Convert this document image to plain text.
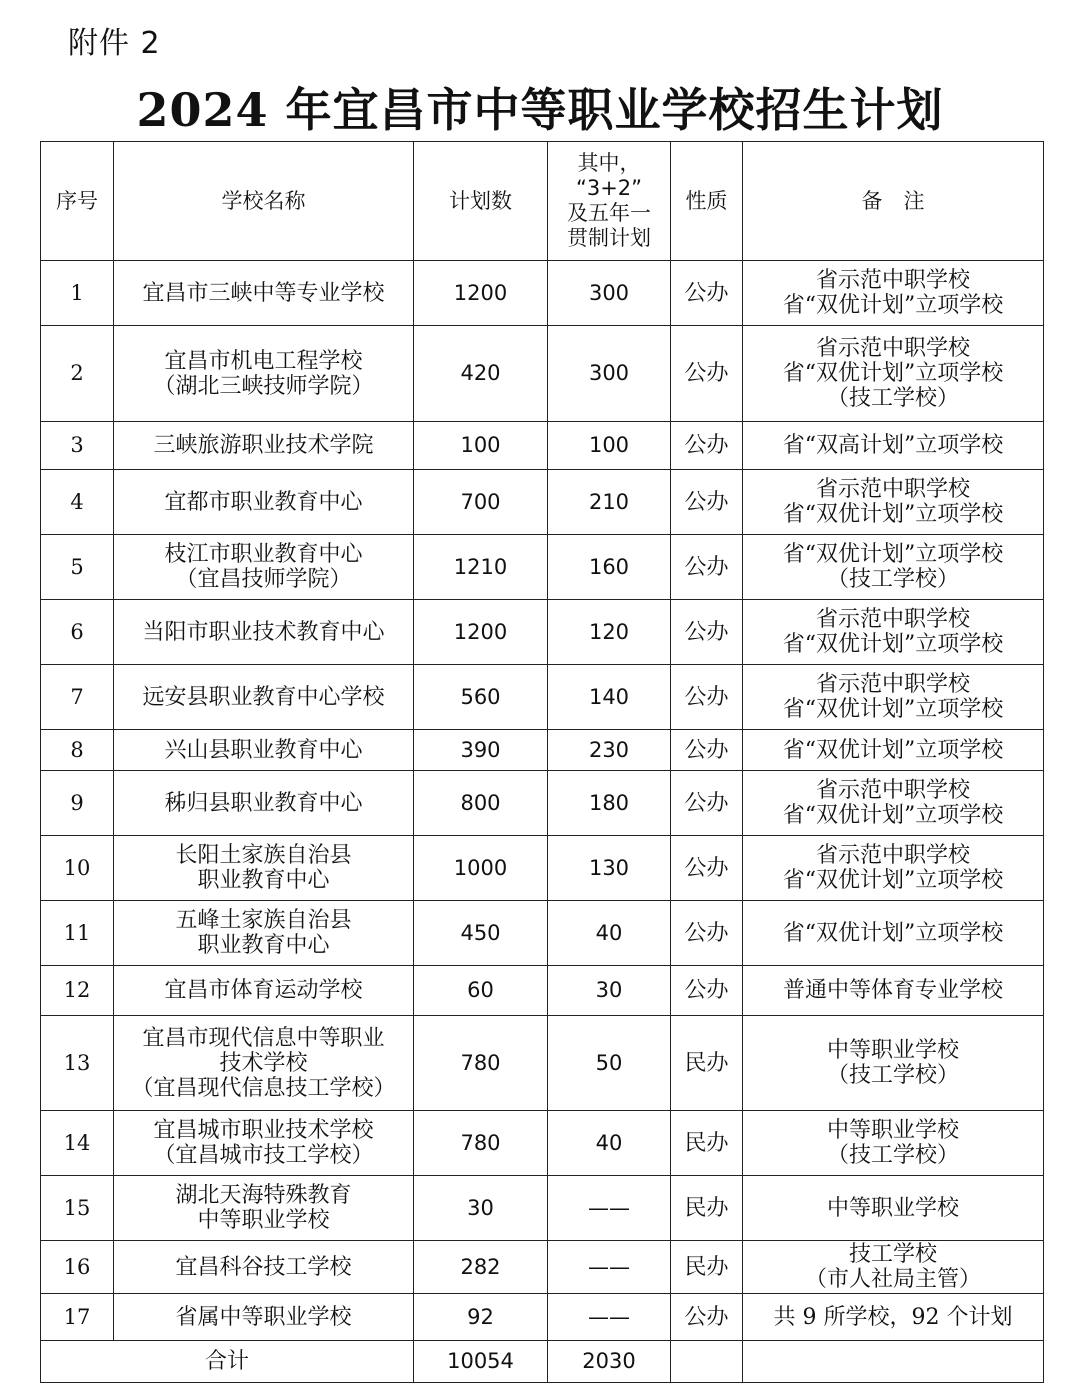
附件 2
2024 年宜昌市中等职业学校招生计划
序号	学校名称	计划数	其中，
“3+2”
及五年一
贯制计划	性质	备　注
1	宜昌市三峡中等专业学校	1200	300	公办	省示范中职学校
省“双优计划”立项学校
2	宜昌市机电工程学校
（湖北三峡技师学院）	420	300	公办	省示范中职学校
省“双优计划”立项学校
（技工学校）
3	三峡旅游职业技术学院	100	100	公办	省“双高计划”立项学校
4	宜都市职业教育中心	700	210	公办	省示范中职学校
省“双优计划”立项学校
5	枝江市职业教育中心
（宜昌技师学院）	1210	160	公办	省“双优计划”立项学校
（技工学校）
6	当阳市职业技术教育中心	1200	120	公办	省示范中职学校
省“双优计划”立项学校
7	远安县职业教育中心学校	560	140	公办	省示范中职学校
省“双优计划”立项学校
8	兴山县职业教育中心	390	230	公办	省“双优计划”立项学校
9	秭归县职业教育中心	800	180	公办	省示范中职学校
省“双优计划”立项学校
10	长阳土家族自治县
职业教育中心	1000	130	公办	省示范中职学校
省“双优计划”立项学校
11	五峰土家族自治县
职业教育中心	450	40	公办	省“双优计划”立项学校
12	宜昌市体育运动学校	60	30	公办	普通中等体育专业学校
13	宜昌市现代信息中等职业
技术学校
（宜昌现代信息技工学校）	780	50	民办	中等职业学校
（技工学校）
14	宜昌城市职业技术学校
（宜昌城市技工学校）	780	40	民办	中等职业学校
（技工学校）
15	湖北天海特殊教育
中等职业学校	30	——	民办	中等职业学校
16	宜昌科谷技工学校	282	——	民办	技工学校
（市人社局主管）
17	省属中等职业学校	92	——	公办	共 9 所学校，92 个计划
合计		10054	2030		
